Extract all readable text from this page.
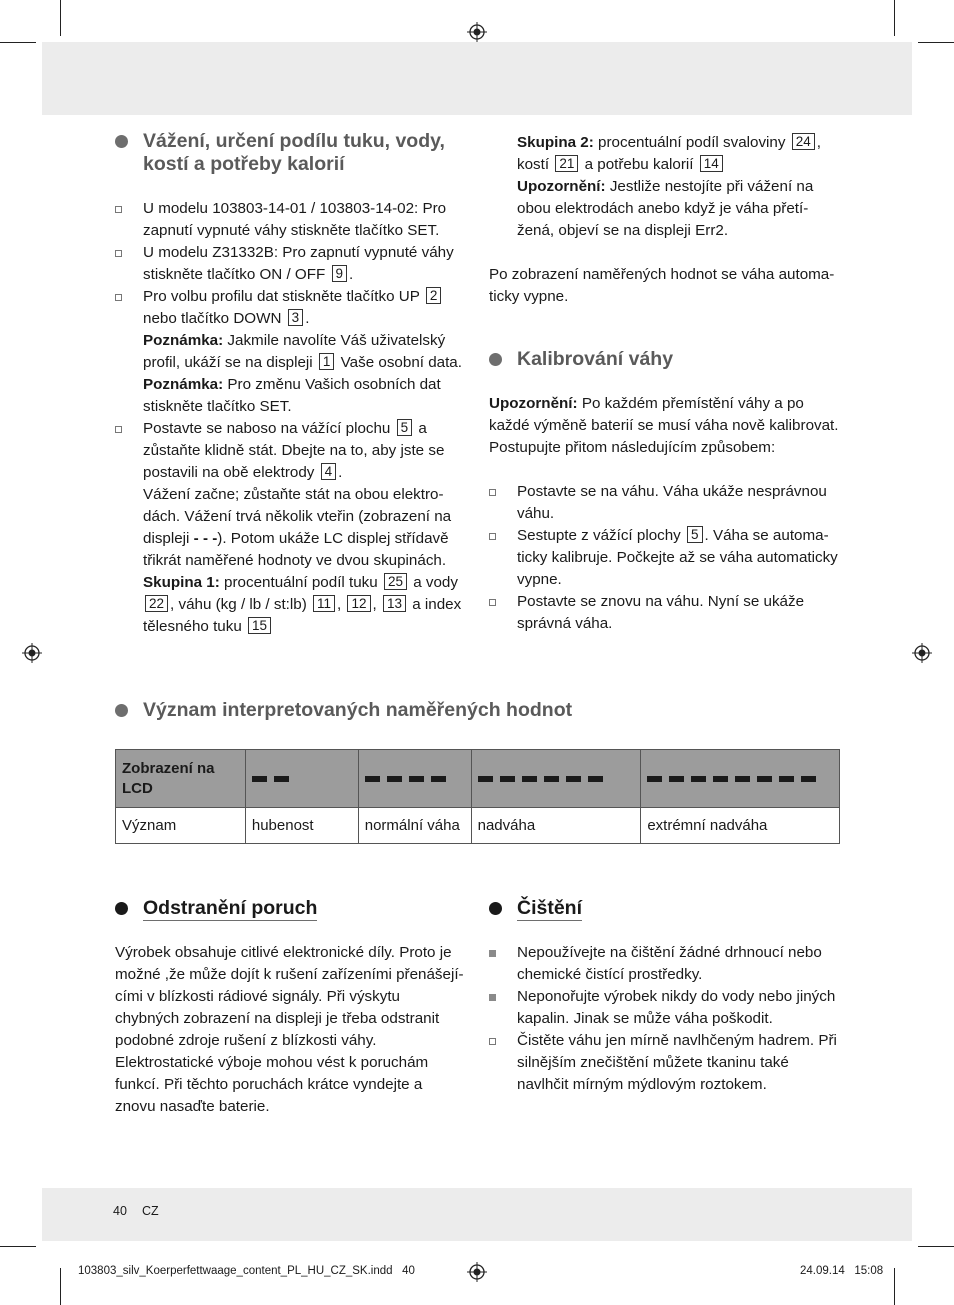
Vážení, určení podílu tuku, vody, kostí a potřeby kalorií
U modelu 103803-14-01 / 103803-14-02: Pro zapnutí vypnuté váhy stiskněte tlačítko SET.
U modelu Z31332B: Pro zapnutí vypnuté váhy stiskněte tlačítko ON / OFF 9 .
Pro volbu profilu dat stiskněte tlačítko UP 2 nebo tlačítko DOWN 3 .
Poznámka: Jakmile navolíte Váš uživatelský profil, ukáží se na displeji 1 Vaše osobní data.
Poznámka: Pro změnu Vašich osobních dat stiskněte tlačítko SET.
Postavte se naboso na vážící plochu 5 a zůstaňte klidně stát. Dbejte na to, aby jste se postavili na obě elektrody 4 .
Vážení začne; zůstaňte stát na obou elektro-dách. Vážení trvá několik vteřin (zobrazení na displeji - - -). Potom ukáže LC displej střídavě třikrát naměřené hodnoty ve dvou skupinách.
Skupina 1: procentuální podíl tuku 25 a vody 22 , váhu (kg / lb / st:lb) 11 , 12 , 13 a index tělesného tuku 15

Skupina 2: procentuální podíl svaloviny 24 , kostí 21 a potřebu kalorií 14
Upozornění: Jestliže nestojíte při vážení na obou elektrodách anebo když je váha přetí-žená, objeví se na displeji Err2.

Po zobrazení naměřených hodnot se váha automa-ticky vypne.

Kalibrování váhy

Upozornění: Po každém přemístění váhy a po každé výměně baterií se musí váha nově kalibrovat. Postupujte přitom následujícím způsobem:

Postavte se na váhu. Váha ukáže nesprávnou váhu.
Sestupte z vážící plochy 5 . Váha se automa-ticky kalibruje. Počkejte až se váha automaticky vypne.
Postavte se znovu na váhu. Nyní se ukáže správná váha.
Význam interpretovaných naměřených hodnot
Zobrazení na LCD				
Význam	hubenost	normální váha	nadváha	extrémní nadváha
Odstranění poruch

Výrobek obsahuje citlivé elektronické díly. Proto je možné ,že může dojít k rušení zařízeními přenášejí-cími v blízkosti rádiové signály. Při výskytu chybných zobrazení na displeji je třeba odstranit podobné zdroje rušení z blízkosti váhy.

Elektrostatické výboje mohou vést k poruchám funkcí. Při těchto poruchách krátce vyndejte a znovu nasaďte baterie.

Čištění
Nepoužívejte na čištění žádné drhnoucí nebo chemické čistící prostředky.
Neponořujte výrobek nikdy do vody nebo jiných kapalin. Jinak se může váha poškodit.
Čistěte váhu jen mírně navlhčeným hadrem. Při silnějším znečištění můžete tkaninu také navlhčit mírným mýdlovým roztokem.
40 CZ
103803_silv_Koerperfettwaage_content_PL_HU_CZ_SK.indd   40	24.09.14   15:08
